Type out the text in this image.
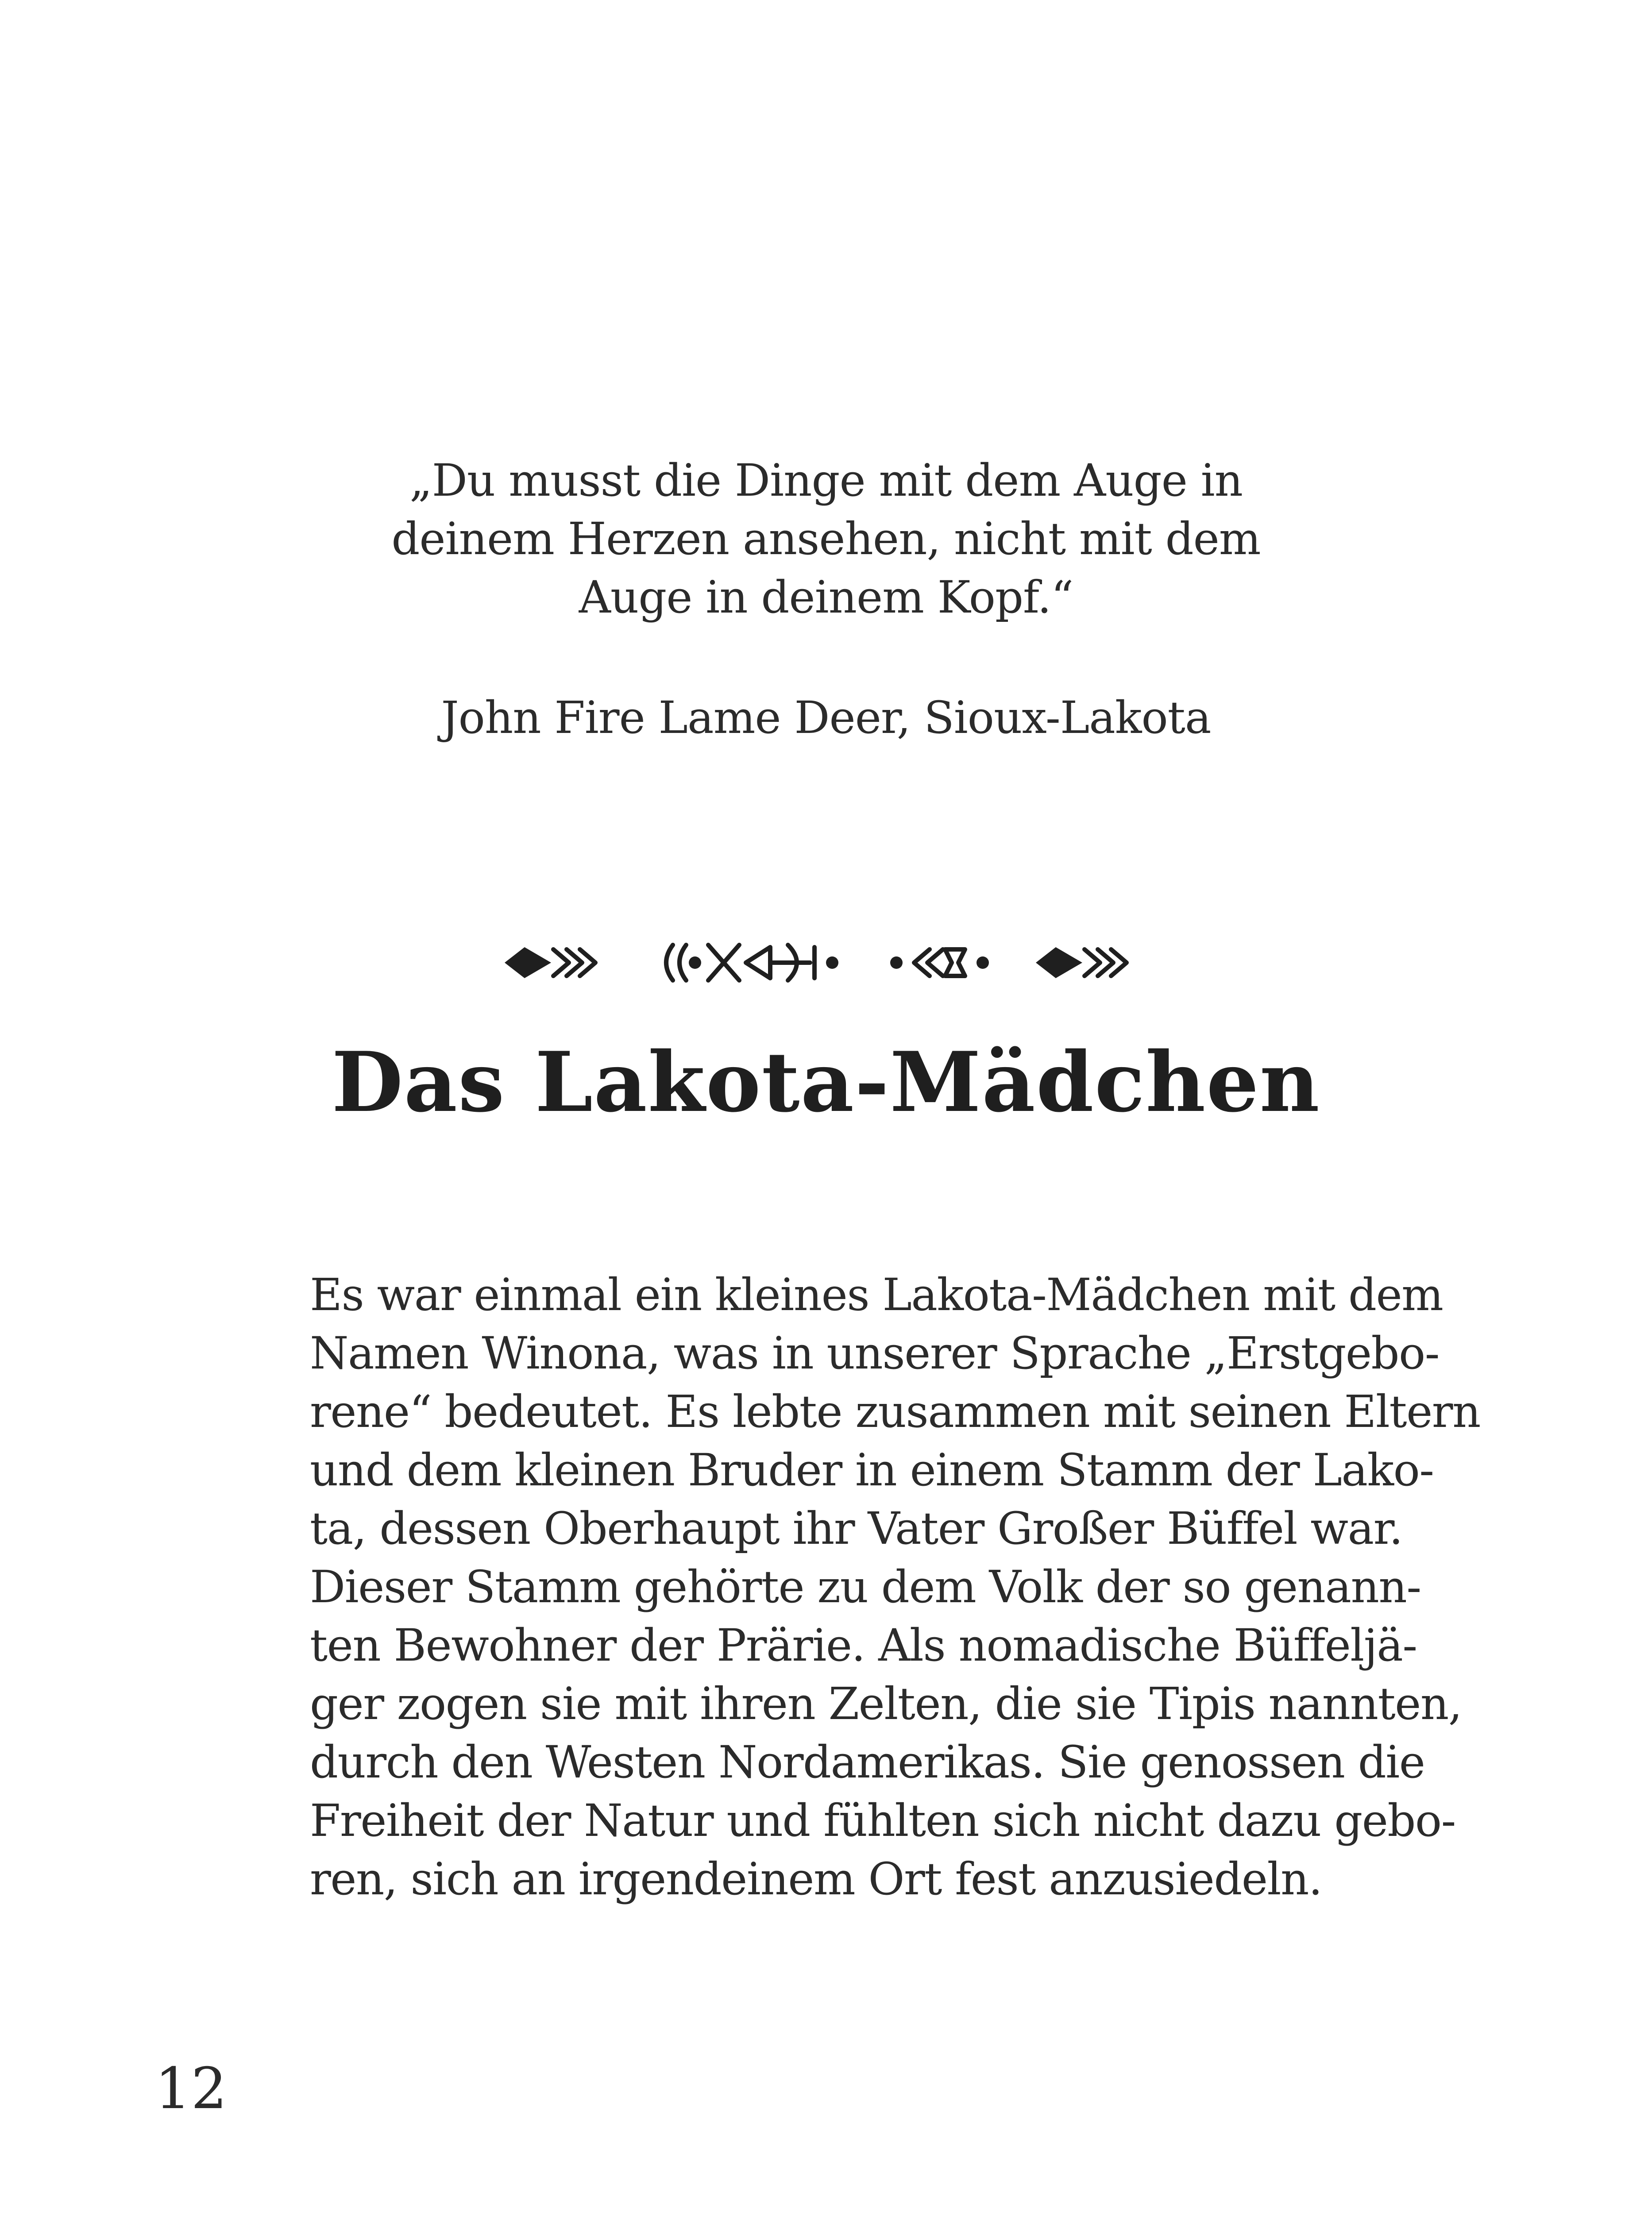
„Du musst die Dinge mit dem Auge in
deinem Herzen ansehen, nicht mit dem
Auge in deinem Kopf.“
John Fire Lame Deer, Sioux-Lakota
Das Lakota-Mädchen
Es war einmal ein kleines Lakota-Mädchen mit dem
Namen Winona, was in unserer Sprache „Erstgebo-
rene“ bedeutet. Es lebte zusammen mit seinen Eltern
und dem kleinen Bruder in einem Stamm der Lako-
ta, dessen Oberhaupt ihr Vater Großer Büffel war.
Dieser Stamm gehörte zu dem Volk der so genann-
ten Bewohner der Prärie. Als nomadische Büffeljä-
ger zogen sie mit ihren Zelten, die sie Tipis nannten,
durch den Westen Nordamerikas. Sie genossen die
Freiheit der Natur und fühlten sich nicht dazu gebo-
ren, sich an irgendeinem Ort fest anzusiedeln.
12
